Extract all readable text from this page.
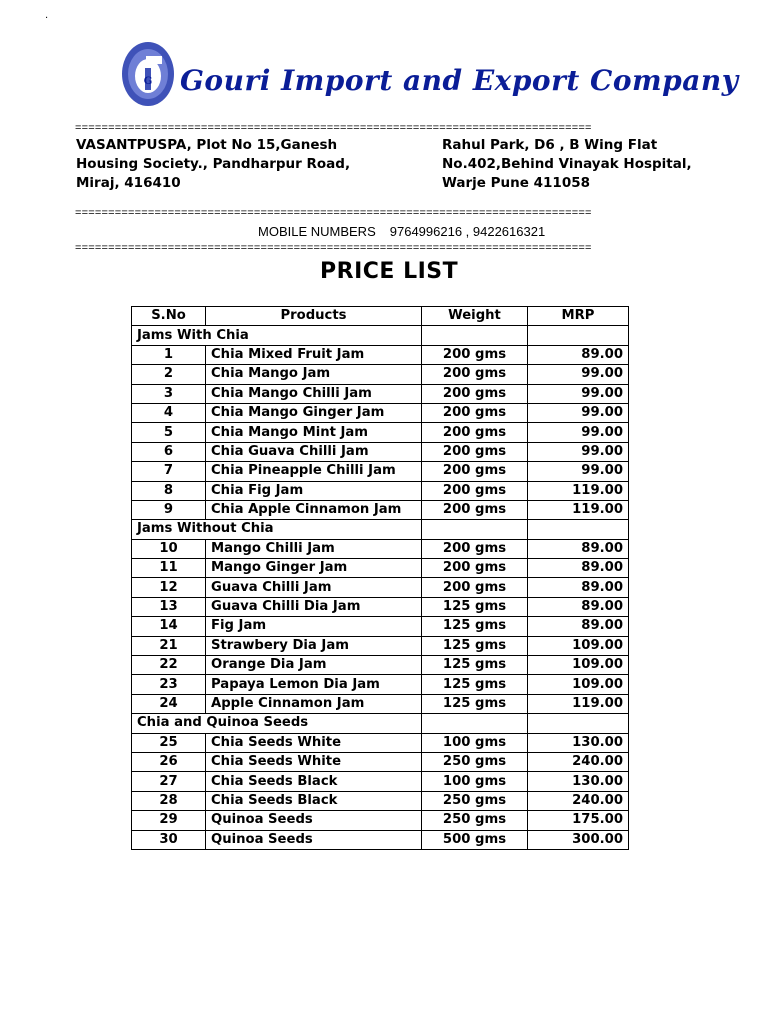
.
G Gouri Import and Export Company
==============================================================================
VASANTPUSPA, Plot No 15,Ganesh
Housing Society., Pandharpur Road,
Miraj, 416410
Rahul Park, D6 , B Wing Flat
No.402,Behind Vinayak Hospital,
Warje Pune 411058
==============================================================================
MOBILE NUMBERS 9764996216 , 9422616321
==============================================================================
PRICE LIST
S.No	Products	Weight	MRP
Jams With Chia			
1	Chia Mixed Fruit Jam	200 gms	89.00
2	Chia Mango Jam	200 gms	99.00
3	Chia Mango Chilli Jam	200 gms	99.00
4	Chia Mango Ginger Jam	200 gms	99.00
5	Chia Mango Mint Jam	200 gms	99.00
6	Chia Guava Chilli Jam	200 gms	99.00
7	Chia Pineapple Chilli Jam	200 gms	99.00
8	Chia Fig Jam	200 gms	119.00
9	Chia Apple Cinnamon Jam	200 gms	119.00
Jams Without Chia			
10	Mango Chilli Jam	200 gms	89.00
11	Mango Ginger Jam	200 gms	89.00
12	Guava Chilli Jam	200 gms	89.00
13	Guava Chilli Dia Jam	125 gms	89.00
14	Fig Jam	125 gms	89.00
21	Strawbery Dia Jam	125 gms	109.00
22	Orange Dia Jam	125 gms	109.00
23	Papaya Lemon Dia Jam	125 gms	109.00
24	Apple Cinnamon Jam	125 gms	119.00
Chia and Quinoa Seeds			
25	Chia Seeds White	100 gms	130.00
26	Chia Seeds White	250 gms	240.00
27	Chia Seeds Black	100 gms	130.00
28	Chia Seeds Black	250 gms	240.00
29	Quinoa Seeds	250 gms	175.00
30	Quinoa Seeds	500 gms	300.00
